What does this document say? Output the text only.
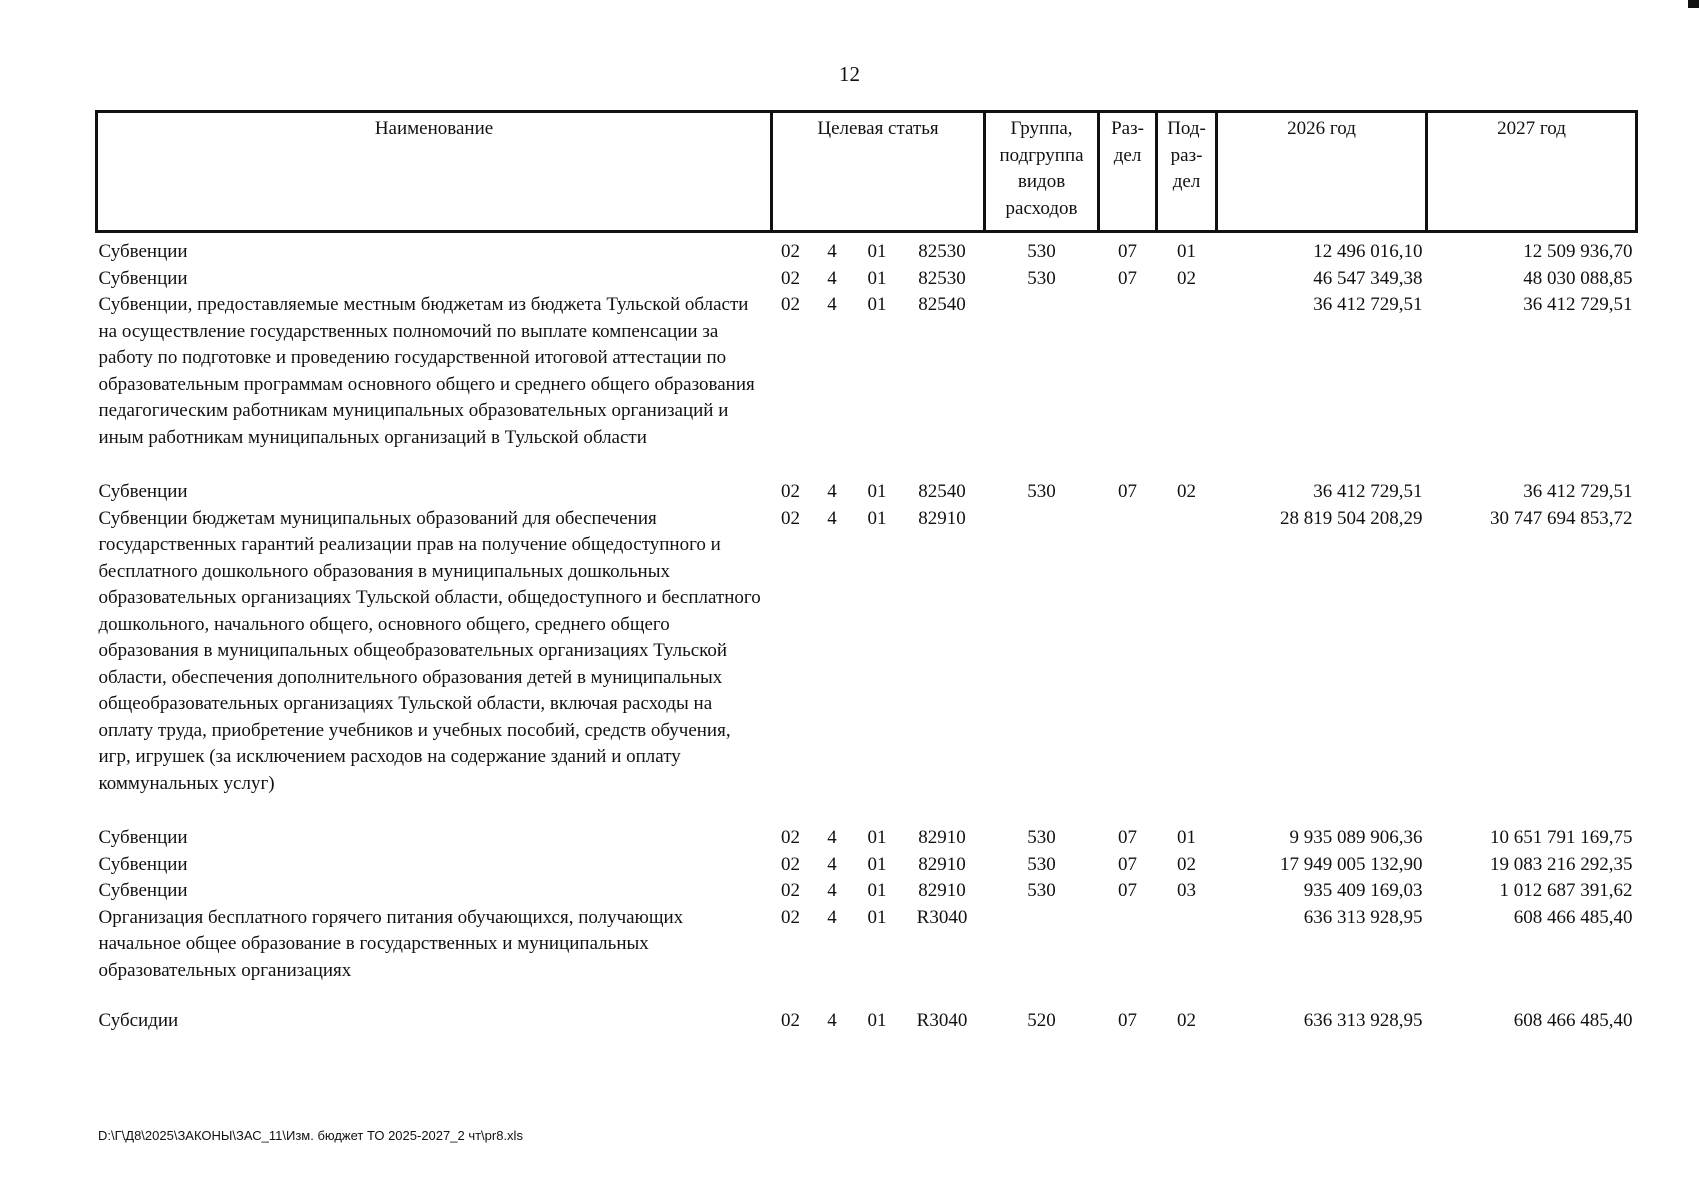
12
Наименование	Целевая статья				Группа, подгруппа видов расходов	Раз-дел	Под-раз-дел	2026 год	2027 год
Субвенции	02	4	01	82530	530	07	01	12 496 016,10	12 509 936,70
Субвенции	02	4	01	82530	530	07	02	46 547 349,38	48 030 088,85
Субвенции, предоставляемые местным бюджетам из бюджета Тульской области на осуществление государственных полномочий по выплате компенсации за работу по подготовке и проведению государственной итоговой аттестации по образовательным программам основного общего и среднего общего образования педагогическим работникам муниципальных образовательных организаций и иным работникам муниципальных организаций в Тульской области	02	4	01	82540				36 412 729,51	36 412 729,51
Субвенции	02	4	01	82540	530	07	02	36 412 729,51	36 412 729,51
Субвенции бюджетам муниципальных образований для обеспечения государственных гарантий реализации прав на получение общедоступного и бесплатного дошкольного образования в муниципальных дошкольных образовательных организациях Тульской области, общедоступного и бесплатного дошкольного, начального общего, основного общего, среднего общего образования в муниципальных общеобразовательных организациях Тульской области, обеспечения дополнительного образования детей в муниципальных общеобразовательных организациях Тульской области, включая расходы на оплату труда, приобретение учебников и учебных пособий, средств обучения, игр, игрушек (за исключением расходов на содержание зданий и оплату коммунальных услуг)	02	4	01	82910				28 819 504 208,29	30 747 694 853,72
Субвенции	02	4	01	82910	530	07	01	9 935 089 906,36	10 651 791 169,75
Субвенции	02	4	01	82910	530	07	02	17 949 005 132,90	19 083 216 292,35
Субвенции	02	4	01	82910	530	07	03	935 409 169,03	1 012 687 391,62
Организация бесплатного горячего питания обучающихся, получающих начальное общее образование в государственных и муниципальных образовательных организациях	02	4	01	R3040				636 313 928,95	608 466 485,40
Субсидии	02	4	01	R3040	520	07	02	636 313 928,95	608 466 485,40
D:\Г\Д8\2025\ЗАКОНЫ\ЗАС_11\Изм. бюджет ТО 2025-2027_2 чт\pr8.xls
